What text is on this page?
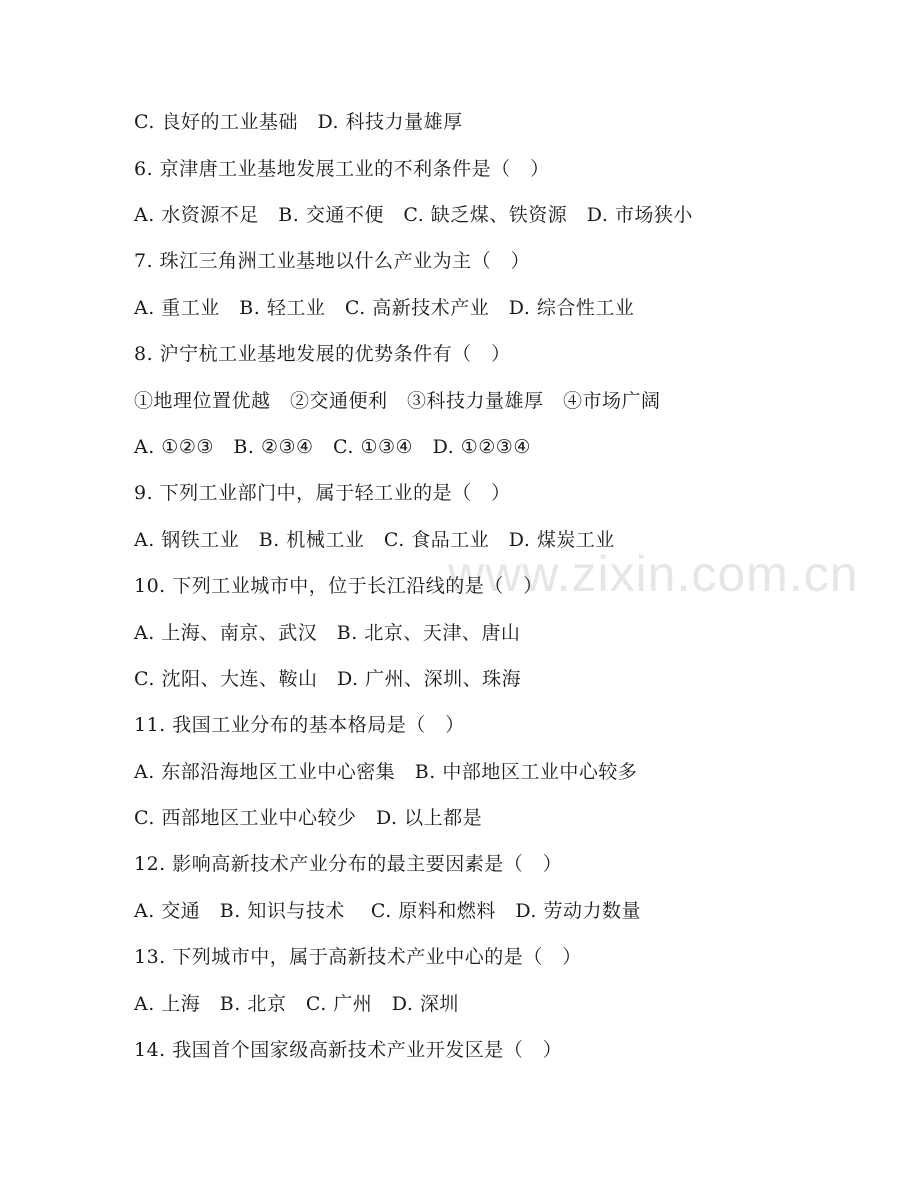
www.zixin.com.cn
C. 良好的工业基础　D. 科技力量雄厚
6. 京津唐工业基地发展工业的不利条件是（　）
A. 水资源不足　B. 交通不便　C. 缺乏煤、铁资源　D. 市场狭小
7. 珠江三角洲工业基地以什么产业为主（　）
A. 重工业　B. 轻工业　C. 高新技术产业　D. 综合性工业
8. 沪宁杭工业基地发展的优势条件有（　）
①地理位置优越　②交通便利　③科技力量雄厚　④市场广阔
A. ①②③　B. ②③④　C. ①③④　D. ①②③④
9. 下列工业部门中，属于轻工业的是（　）
A. 钢铁工业　B. 机械工业　C. 食品工业　D. 煤炭工业
10. 下列工业城市中，位于长江沿线的是（　）
A. 上海、南京、武汉　B. 北京、天津、唐山
C. 沈阳、大连、鞍山　D. 广州、深圳、珠海
11. 我国工业分布的基本格局是（　）
A. 东部沿海地区工业中心密集　B. 中部地区工业中心较多
C. 西部地区工业中心较少　D. 以上都是
12. 影响高新技术产业分布的最主要因素是（　）
A. 交通　B. 知识与技术　 C. 原料和燃料　D. 劳动力数量
13. 下列城市中，属于高新技术产业中心的是（　）
A. 上海　B. 北京　C. 广州　D. 深圳
14. 我国首个国家级高新技术产业开发区是（　）
